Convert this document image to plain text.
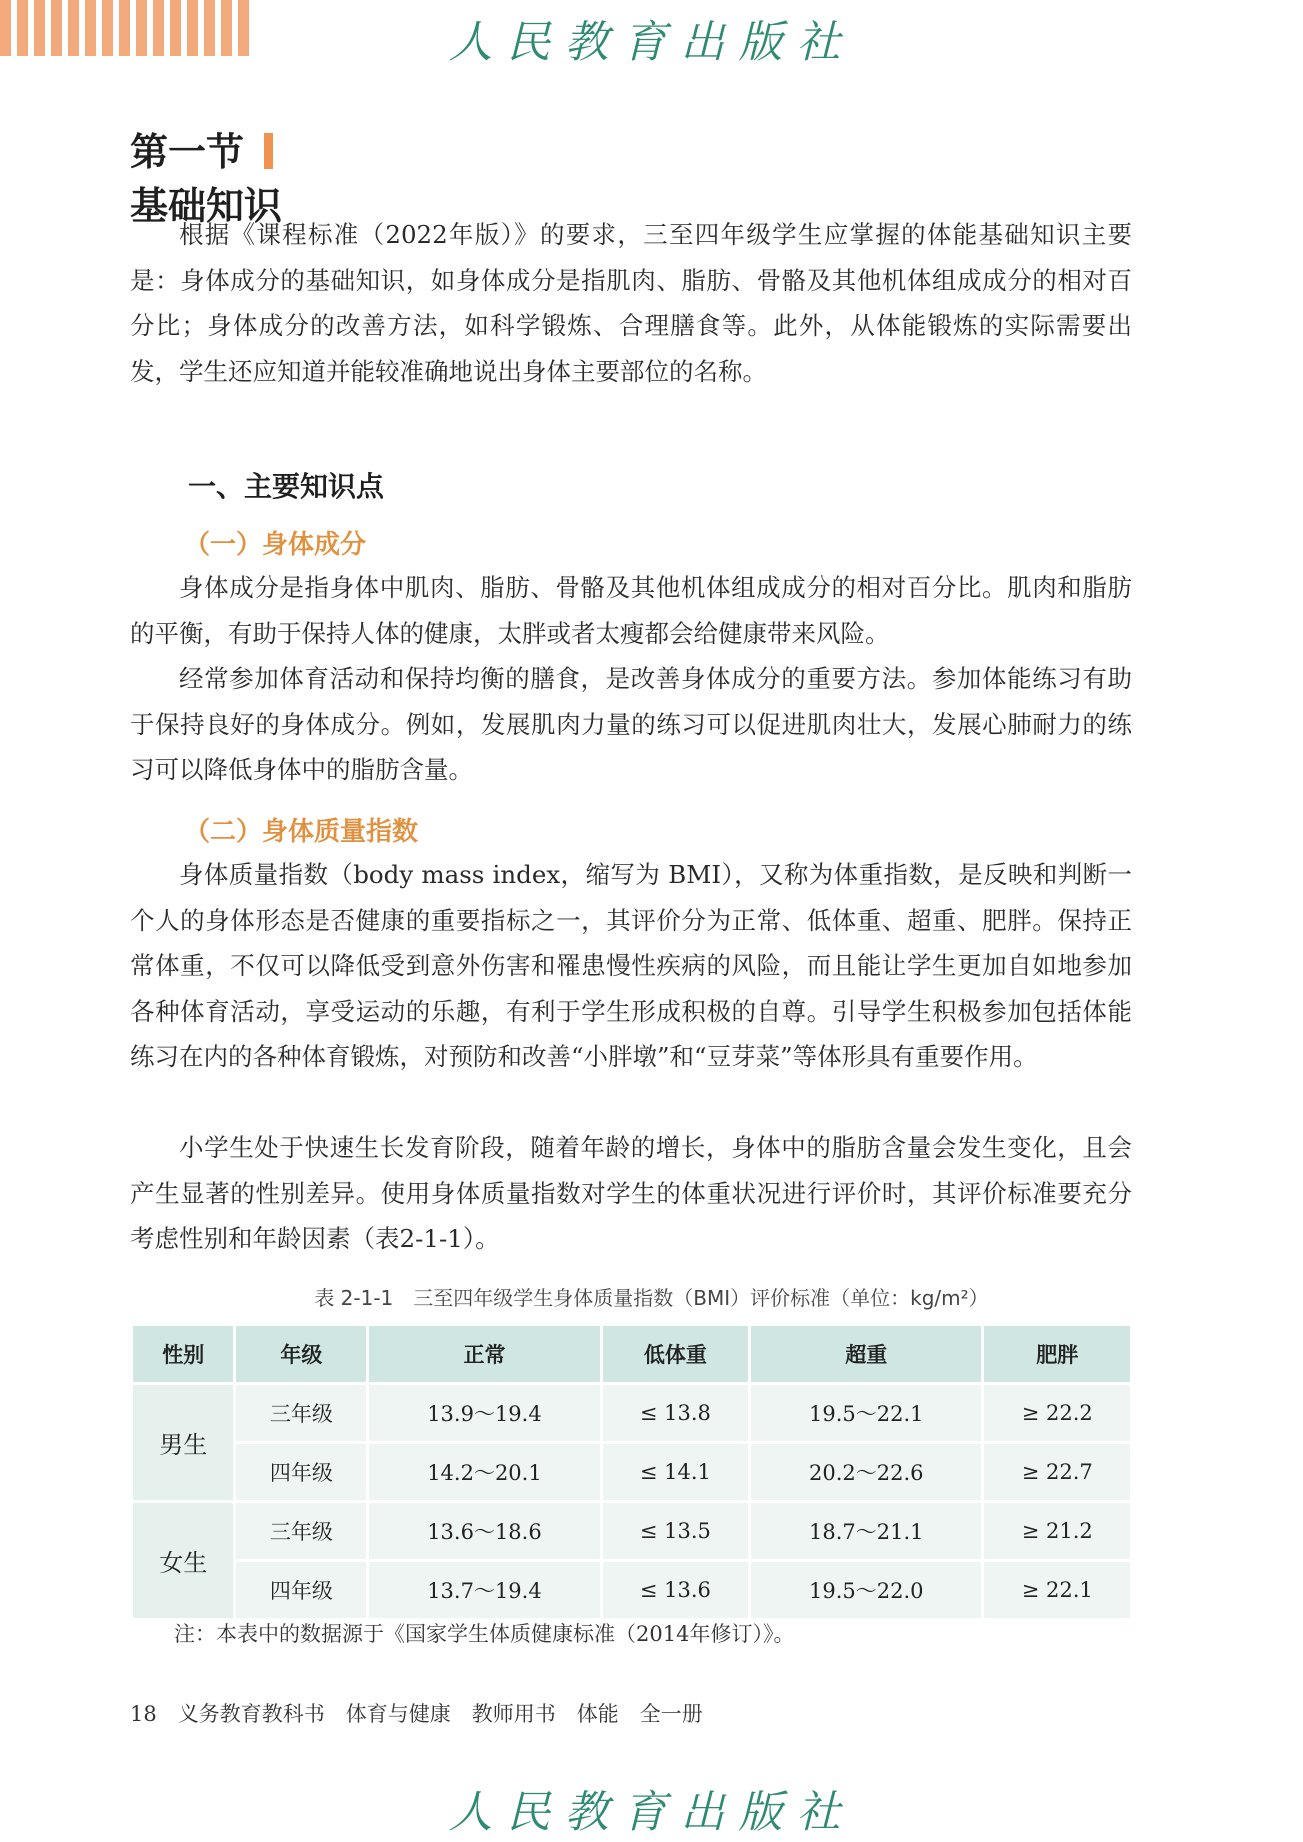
人民教育出版社
第一节
基础知识

根据《课程标准（2022年版）》的要求，三至四年级学生应掌握的体能基础知识主要是：身体成分的基础知识，如身体成分是指肌肉、脂肪、骨骼及其他机体组成成分的相对百分比；身体成分的改善方法，如科学锻炼、合理膳食等。此外，从体能锻炼的实际需要出发，学生还应知道并能较准确地说出身体主要部位的名称。

一、主要知识点
（一）身体成分

身体成分是指身体中肌肉、脂肪、骨骼及其他机体组成成分的相对百分比。肌肉和脂肪的平衡，有助于保持人体的健康，太胖或者太瘦都会给健康带来风险。

经常参加体育活动和保持均衡的膳食，是改善身体成分的重要方法。参加体能练习有助于保持良好的身体成分。例如，发展肌肉力量的练习可以促进肌肉壮大，发展心肺耐力的练习可以降低身体中的脂肪含量。

（二）身体质量指数

身体质量指数（body mass index，缩写为 BMI），又称为体重指数，是反映和判断一个人的身体形态是否健康的重要指标之一，其评价分为正常、低体重、超重、肥胖。保持正常体重，不仅可以降低受到意外伤害和罹患慢性疾病的风险，而且能让学生更加自如地参加各种体育活动，享受运动的乐趣，有利于学生形成积极的自尊。引导学生积极参加包括体能练习在内的各种体育锻炼，对预防和改善“小胖墩”和“豆芽菜”等体形具有重要作用。

小学生处于快速生长发育阶段，随着年龄的增长，身体中的脂肪含量会发生变化，且会产生显著的性别差异。使用身体质量指数对学生的体重状况进行评价时，其评价标准要充分考虑性别和年龄因素（表2-1-1）。

表 2-1-1　三至四年级学生身体质量指数（BMI）评价标准（单位：kg/m²）
性别	年级	正常	低体重	超重	肥胖
男生	三年级	13.9～19.4	≤ 13.8	19.5～22.1	≥ 22.2
	四年级	14.2～20.1	≤ 14.1	20.2～22.6	≥ 22.7
女生	三年级	13.6～18.6	≤ 13.5	18.7～21.1	≥ 21.2
	四年级	13.7～19.4	≤ 13.6	19.5～22.0	≥ 22.1
注：本表中的数据源于《国家学生体质健康标准（2014年修订）》。
18　 义务教育教科书　体育与健康　教师用书　体能　全一册
人民教育出版社
